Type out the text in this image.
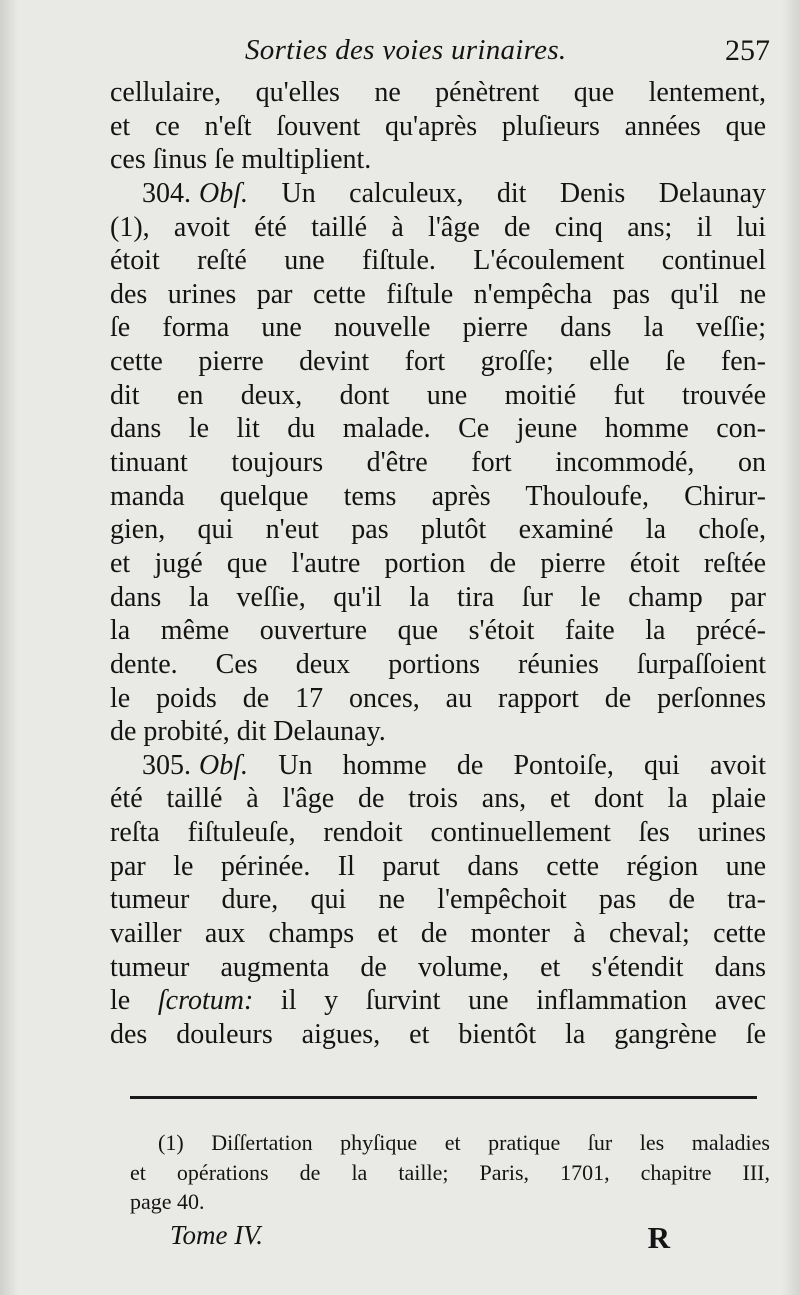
Sorties des voies urinaires.	257
cellulaire, qu'elles ne pénètrent que lentement,
et ce n'eſt ſouvent qu'après pluſieurs années que
ces ſinus ſe multiplient.
304. Obſ. Un calculeux, dit Denis Delaunay
(1), avoit été taillé à l'âge de cinq ans; il lui
étoit reſté une fiſtule. L'écoulement continuel
des urines par cette fiſtule n'empêcha pas qu'il ne
ſe forma une nouvelle pierre dans la veſſie;
cette pierre devint fort groſſe; elle ſe fen-
dit en deux, dont une moitié fut trouvée
dans le lit du malade. Ce jeune homme con-
tinuant toujours d'être fort incommodé, on
manda quelque tems après Thouloufe, Chirur-
gien, qui n'eut pas plutôt examiné la choſe,
et jugé que l'autre portion de pierre étoit reſtée
dans la veſſie, qu'il la tira ſur le champ par
la même ouverture que s'étoit faite la précé-
dente. Ces deux portions réunies ſurpaſſoient
le poids de 17 onces, au rapport de perſonnes
de probité, dit Delaunay.
305. Obſ. Un homme de Pontoiſe, qui avoit
été taillé à l'âge de trois ans, et dont la plaie
reſta fiſtuleuſe, rendoit continuellement ſes urines
par le périnée. Il parut dans cette région une
tumeur dure, qui ne l'empêchoit pas de tra-
vailler aux champs et de monter à cheval; cette
tumeur augmenta de volume, et s'étendit dans
le ſcrotum: il y ſurvint une inflammation avec
des douleurs aigues, et bientôt la gangrène ſe
(1) Diſſertation phyſique et pratique ſur les maladies
et opérations de la taille; Paris, 1701, chapitre III,
page 40.
Tome IV.	R
